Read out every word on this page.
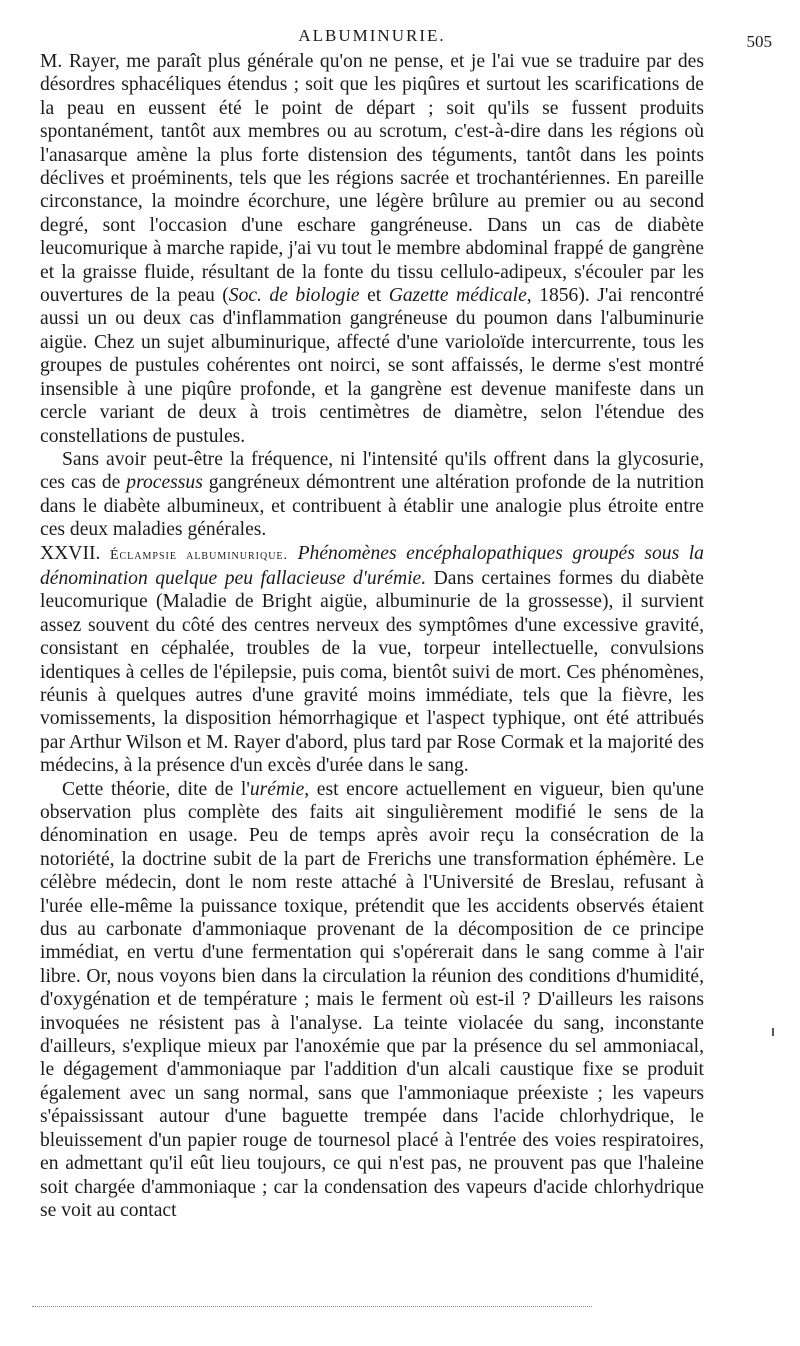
ALBUMINURIE.	505

M. Rayer, me paraît plus générale qu'on ne pense, et je l'ai vue se traduire par des désordres sphacéliques étendus ; soit que les piqûres et surtout les scarifications de la peau en eussent été le point de départ ; soit qu'ils se fussent produits spontanément, tantôt aux membres ou au scrotum, c'est-à-dire dans les régions où l'anasarque amène la plus forte distension des téguments, tantôt dans les points déclives et proéminents, tels que les régions sacrée et trochantériennes. En pareille circonstance, la moindre écorchure, une légère brûlure au premier ou au second degré, sont l'occasion d'une eschare gangréneuse. Dans un cas de diabète leucomurique à marche rapide, j'ai vu tout le membre abdominal frappé de gangrène et la graisse fluide, résultant de la fonte du tissu cellulo-adipeux, s'écouler par les ouvertures de la peau (Soc. de biologie et Gazette médicale, 1856). J'ai rencontré aussi un ou deux cas d'inflammation gangréneuse du poumon dans l'albuminurie aigüe. Chez un sujet albuminurique, affecté d'une varioloïde intercurrente, tous les groupes de pustules cohérentes ont noirci, se sont affaissés, le derme s'est montré insensible à une piqûre profonde, et la gangrène est devenue manifeste dans un cercle variant de deux à trois centimètres de diamètre, selon l'étendue des constellations de pustules.

Sans avoir peut-être la fréquence, ni l'intensité qu'ils offrent dans la glycosurie, ces cas de processus gangréneux démontrent une altération profonde de la nutrition dans le diabète albumineux, et contribuent à établir une analogie plus étroite entre ces deux maladies générales.

XXVII. Éclampsie albuminurique. Phénomènes encéphalopathiques groupés sous la dénomination quelque peu fallacieuse d'urémie. Dans certaines formes du diabète leucomurique (Maladie de Bright aigüe, albuminurie de la grossesse), il survient assez souvent du côté des centres nerveux des symptômes d'une excessive gravité, consistant en céphalée, troubles de la vue, torpeur intellectuelle, convulsions identiques à celles de l'épilepsie, puis coma, bientôt suivi de mort. Ces phénomènes, réunis à quelques autres d'une gravité moins immédiate, tels que la fièvre, les vomissements, la disposition hémorrhagique et l'aspect typhique, ont été attribués par Arthur Wilson et M. Rayer d'abord, plus tard par Rose Cormak et la majorité des médecins, à la présence d'un excès d'urée dans le sang.

Cette théorie, dite de l'urémie, est encore actuellement en vigueur, bien qu'une observation plus complète des faits ait singulièrement modifié le sens de la dénomination en usage. Peu de temps après avoir reçu la consécration de la notoriété, la doctrine subit de la part de Frerichs une transformation éphémère. Le célèbre médecin, dont le nom reste attaché à l'Université de Breslau, refusant à l'urée elle-même la puissance toxique, prétendit que les accidents observés étaient dus au carbonate d'ammoniaque provenant de la décomposition de ce principe immédiat, en vertu d'une fermentation qui s'opérerait dans le sang comme à l'air libre. Or, nous voyons bien dans la circulation la réunion des conditions d'humidité, d'oxygénation et de température ; mais le ferment où est-il ? D'ailleurs les raisons invoquées ne résistent pas à l'analyse. La teinte violacée du sang, inconstante d'ailleurs, s'explique mieux par l'anoxémie que par la présence du sel ammoniacal, le dégagement d'ammoniaque par l'addition d'un alcali caustique fixe se produit également avec un sang normal, sans que l'ammoniaque préexiste ; les vapeurs s'épaississant autour d'une baguette trempée dans l'acide chlorhydrique, le bleuissement d'un papier rouge de tournesol placé à l'entrée des voies respiratoires, en admettant qu'il eût lieu toujours, ce qui n'est pas, ne prouvent pas que l'haleine soit chargée d'ammoniaque ; car la condensation des vapeurs d'acide chlorhydrique se voit au contact
